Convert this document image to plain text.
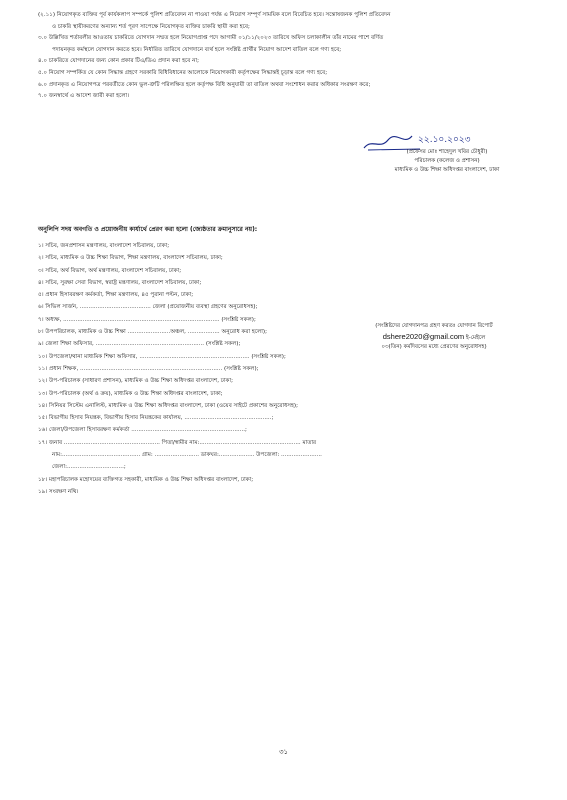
(২.১১) নিয়োগকৃত ব্যক্তির পূর্ব কার্যকলাপ সম্পর্কে পুলিশ প্রতিবেদন না পাওয়া পর্যন্ত এ নিয়োগ সম্পূর্ণ সাময়িক বলে বিবেচিত হবে। সন্তোষজনক পুলিশ প্রতিবেদন
ও চাকরি স্থায়ীকরণের অন্যান্য শর্ত পূরণ সাপেক্ষে নিয়োগকৃত ব্যক্তির চাকরি স্থায়ী করা হবে;
৩.০ উল্লিখিত শর্তাবলীর আওতায় চাকরিতে যোগদান সম্মত হলে নিয়োগপ্রাপ্ত পদে আগামী ০১/১১/২০২৩ তারিখে অফিস চলাকালীন তাঁর নামের পাশে বর্ণিত
পদায়নকৃত কর্মস্থলে যোগদান করতে হবে। নির্ধারিত তারিখে যোগদানে ব্যর্থ হলে সংশ্লিষ্ট প্রার্থীর নিয়োগ আদেশ বাতিল বলে গণ্য হবে;
৪.০ চাকরিতে যোগদানের জন্য কোন প্রকার টিএ/ডিএ প্রদান করা হবে না;
৫.০ নিয়োগ সম্পর্কিত যে কোন সিদ্ধান্ত গ্রহণে সরকারি বিধিবিধানের আলোকে নিয়োগকারী কর্তৃপক্ষের সিদ্ধান্তই চূড়ান্ত বলে গণ্য হবে;
৬.০ প্রদানকৃত এ নিয়োগপত্র পরবর্তীতে কোন ভুল-ত্রুটি পরিলক্ষিত হলে কর্তৃপক্ষ বিধি অনুযায়ী তা বাতিল অথবা সংশোধন করার অধিকার সংরক্ষণ করে;
৭.০ জনস্বার্থে এ আদেশ জারী করা হলো।
২২.১০.২০২৩
(প্রফেসর মোঃ শাহেদুল খবির চৌধুরী)
পরিচালক (কলেজ ও প্রশাসন)
মাধ্যমিক ও উচ্চ শিক্ষা অধিদপ্তর বাংলাদেশ, ঢাকা
অনুলিপি সদয় অবগতি ও প্রয়োজনীয় কার্যার্থে প্রেরণ করা হলো (জ্যেষ্ঠতার ক্রমানুসারে নয়):
১। সচিব, জনপ্রশাসন মন্ত্রণালয়, বাংলাদেশ সচিবালয়, ঢাকা;
২। সচিব, মাধ্যমিক ও উচ্চ শিক্ষা বিভাগ, শিক্ষা মন্ত্রণালয়, বাংলাদেশ সচিবালয়, ঢাকা;
৩। সচিব, অর্থ বিভাগ, অর্থ মন্ত্রণালয়, বাংলাদেশ সচিবালয়, ঢাকা;
৪। সচিব, সুরক্ষা সেবা বিভাগ, স্বরাষ্ট্র মন্ত্রণালয়, বাংলাদেশ সচিবালয়, ঢাকা;
৫। প্রধান হিসাবরক্ষণ কর্মকর্তা, শিক্ষা মন্ত্রণালয়, ৪৫ পুরানা পল্টন, ঢাকা;
৬। সিভিল সার্জন, ........................................ জেলা (প্রয়োজনীয় ব্যবস্থা গ্রহণের অনুরোধসহ);
৭। অধ্যক্ষ, ........................................................................................ (সংশ্লিষ্ট সকল);
৮। উপপরিচালক, মাধ্যমিক ও উচ্চ শিক্ষা ........................অঞ্চল, .................. অনুরোধ করা হলো);
৯। জেলা শিক্ষা অফিসার, ............................................................. (সংশ্লিষ্ট সকল);
১০। উপজেলা/থানা মাধ্যমিক শিক্ষা অফিসার, .............................................................. (সংশ্লিষ্ট সকল);
১১। প্রধান শিক্ষক, ................................................................................ (সংশ্লিষ্ট সকল);
১২। উপ-পরিচালক (সাধারণ প্রশাসন), মাধ্যমিক ও উচ্চ শিক্ষা অধিদপ্তর বাংলাদেশ, ঢাকা;
১৩। উপ-পরিচালক (অর্থ ও ক্রয়), মাধ্যমিক ও উচ্চ শিক্ষা অধিদপ্তর বাংলাদেশ, ঢাকা;
১৪। সিনিয়র সিস্টেম এনালিস্ট, মাধ্যমিক ও উচ্চ শিক্ষা অধিদপ্তর বাংলাদেশ, ঢাকা (ওয়েব সাইটে প্রকাশের অনুরোধসহ);
১৫। বিভাগীয় হিসাব নিয়ন্ত্রক, বিভাগীয় হিসাব নিয়ন্ত্রকের কার্যালয়, .................................................;
১৬। জেলা/উপজেলা হিসাবরক্ষণ কর্মকর্তা ................................................................;
১৭। জনাব ...................................................... পিতা/স্বামীর নাম:......................................................... মাতার
নাম:............................................ গ্রাম: ......................... ডাকঘর:.................... উপজেলা: .......................
জেলা:................................;
১৮। মহাপরিচালক মহোদয়ের ব্যক্তিগত সহকারী, মাধ্যমিক ও উচ্চ শিক্ষা অধিদপ্তর বাংলাদেশ, ঢাকা;
১৯। সংরক্ষণ নথি।
(সংশ্লিষ্টদের যোগদানপত্র গ্রহণ করতঃ যোগদান রিপোর্ট
dshere2020@gmail.com ই-মেইলে
০৩(তিন) কর্মদিবসের মধ্যে প্রেরণের অনুরোধসহ)
৩১
